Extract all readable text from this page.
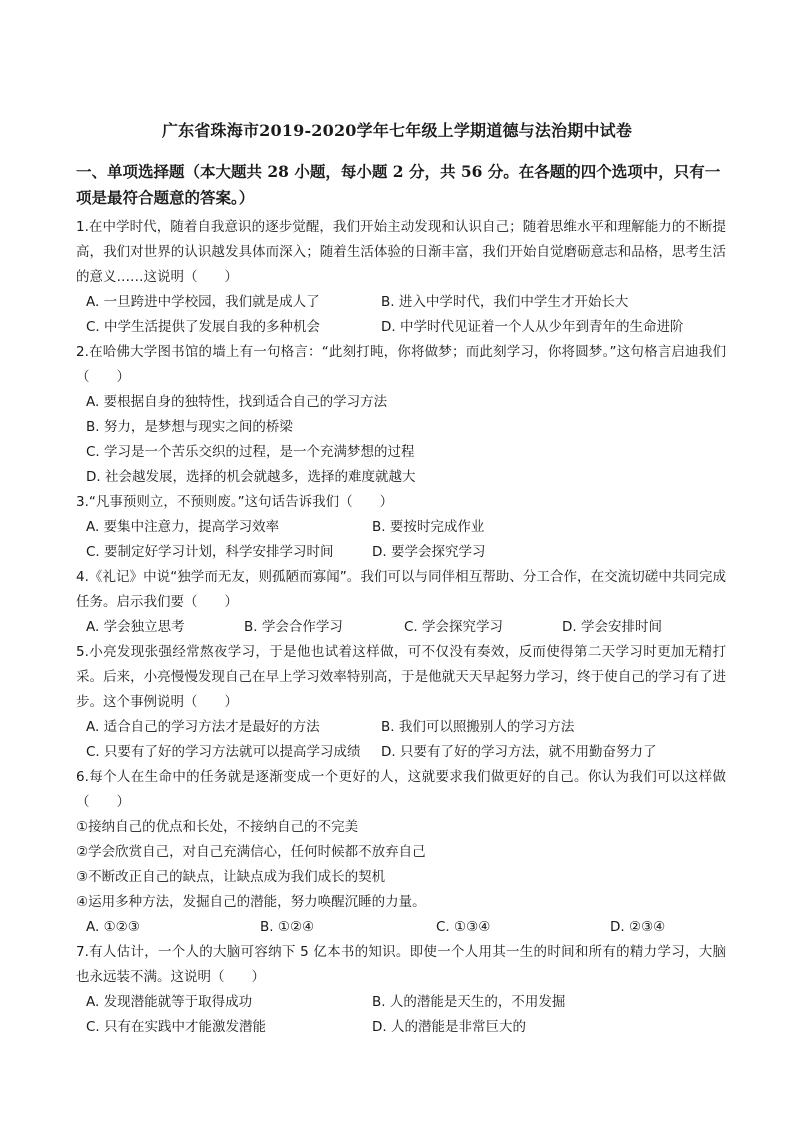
广东省珠海市2019-2020学年七年级上学期道德与法治期中试卷
一、单项选择题（本大题共 28 小题，每小题 2 分，共 56 分。在各题的四个选项中，只有一
项是最符合题意的答案。）
1.在中学时代，随着自我意识的逐步觉醒，我们开始主动发现和认识自己；随着思维水平和理解能力的不断提高，我们对世界的认识越发具体而深入；随着生活体验的日渐丰富，我们开始自觉磨砺意志和品格，思考生活的意义……这说明（　　）
A. 一旦跨进中学校园，我们就是成人了	B. 进入中学时代，我们中学生才开始长大
C. 中学生活提供了发展自我的多种机会	D. 中学时代见证着一个人从少年到青年的生命进阶
2.在哈佛大学图书馆的墙上有一句格言：“此刻打盹，你将做梦；而此刻学习，你将圆梦。”这句格言启迪我们（　　）
A. 要根据自身的独特性，找到适合自己的学习方法
B. 努力，是梦想与现实之间的桥梁
C. 学习是一个苦乐交织的过程，是一个充满梦想的过程
D. 社会越发展，选择的机会就越多，选择的难度就越大
3.“凡事预则立，不预则废。”这句话告诉我们（　　）
A. 要集中注意力，提高学习效率	B. 要按时完成作业
C. 要制定好学习计划，科学安排学习时间	D. 要学会探究学习
4.《礼记》中说“独学而无友，则孤陋而寡闻”。我们可以与同伴相互帮助、分工合作，在交流切磋中共同完成任务。启示我们要（　　）
A. 学会独立思考	B. 学会合作学习	C. 学会探究学习	D. 学会安排时间
5.小亮发现张强经常熬夜学习，于是他也试着这样做，可不仅没有奏效，反而使得第二天学习时更加无精打采。后来，小亮慢慢发现自己在早上学习效率特别高，于是他就天天早起努力学习，终于使自己的学习有了进步。这个事例说明（　　）
A. 适合自己的学习方法才是最好的方法	B. 我们可以照搬别人的学习方法
C. 只要有了好的学习方法就可以提高学习成绩 D. 只要有了好的学习方法，就不用勤奋努力了
6.每个人在生命中的任务就是逐渐变成一个更好的人，这就要求我们做更好的自己。你认为我们可以这样做（　　）
①接纳自己的优点和长处，不接纳自己的不完美
②学会欣赏自己，对自己充满信心，任何时候都不放弃自己
③不断改正自己的缺点，让缺点成为我们成长的契机
④运用多种方法，发掘自己的潜能，努力唤醒沉睡的力量。
A. ①②③	B. ①②④	C. ①③④	D. ②③④
7.有人估计，一个人的大脑可容纳下 5 亿本书的知识。即使一个人用其一生的时间和所有的精力学习，大脑也永远装不满。这说明（　　）
A. 发现潜能就等于取得成功	B. 人的潜能是天生的，不用发掘
C. 只有在实践中才能激发潜能	D. 人的潜能是非常巨大的
